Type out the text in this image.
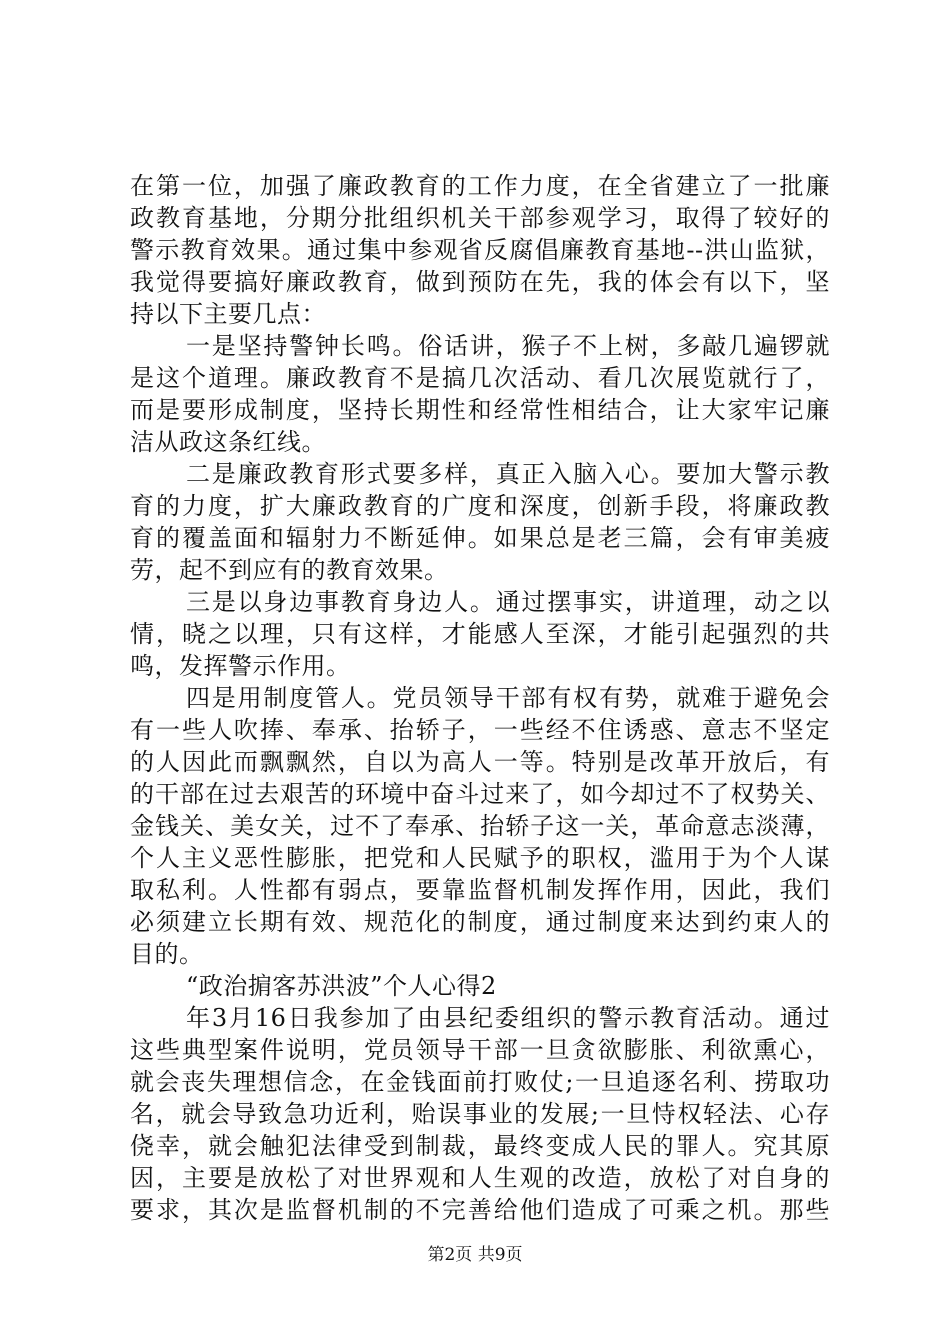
在第一位，加强了廉政教育的工作力度，在全省建立了一批廉
政教育基地，分期分批组织机关干部参观学习，取得了较好的
警示教育效果。通过集中参观省反腐倡廉教育基地--洪山监狱，
我觉得要搞好廉政教育，做到预防在先，我的体会有以下，坚
持以下主要几点：
一是坚持警钟长鸣。俗话讲，猴子不上树，多敲几遍锣就
是这个道理。廉政教育不是搞几次活动、看几次展览就行了，
而是要形成制度，坚持长期性和经常性相结合，让大家牢记廉
洁从政这条红线。
二是廉政教育形式要多样，真正入脑入心。要加大警示教
育的力度，扩大廉政教育的广度和深度，创新手段，将廉政教
育的覆盖面和辐射力不断延伸。如果总是老三篇，会有审美疲
劳，起不到应有的教育效果。
三是以身边事教育身边人。通过摆事实，讲道理，动之以
情，晓之以理，只有这样，才能感人至深，才能引起强烈的共
鸣，发挥警示作用。
四是用制度管人。党员领导干部有权有势，就难于避免会
有一些人吹捧、奉承、抬轿子，一些经不住诱惑、意志不坚定
的人因此而飘飘然，自以为高人一等。特别是改革开放后，有
的干部在过去艰苦的环境中奋斗过来了，如今却过不了权势关、
金钱关、美女关，过不了奉承、抬轿子这一关，革命意志淡薄，
个人主义恶性膨胀，把党和人民赋予的职权，滥用于为个人谋
取私利。人性都有弱点，要靠监督机制发挥作用，因此，我们
必须建立长期有效、规范化的制度，通过制度来达到约束人的
目的。
“政治掮客苏洪波”个人心得2
年3月16日我参加了由县纪委组织的警示教育活动。通过
这些典型案件说明，党员领导干部一旦贪欲膨胀、利欲熏心，
就会丧失理想信念，在金钱面前打败仗;一旦追逐名利、捞取功
名，就会导致急功近利，贻误事业的发展;一旦恃权轻法、心存
侥幸，就会触犯法律受到制裁，最终变成人民的罪人。究其原
因，主要是放松了对世界观和人生观的改造，放松了对自身的
要求，其次是监督机制的不完善给他们造成了可乘之机。那些
第2页 共9页
